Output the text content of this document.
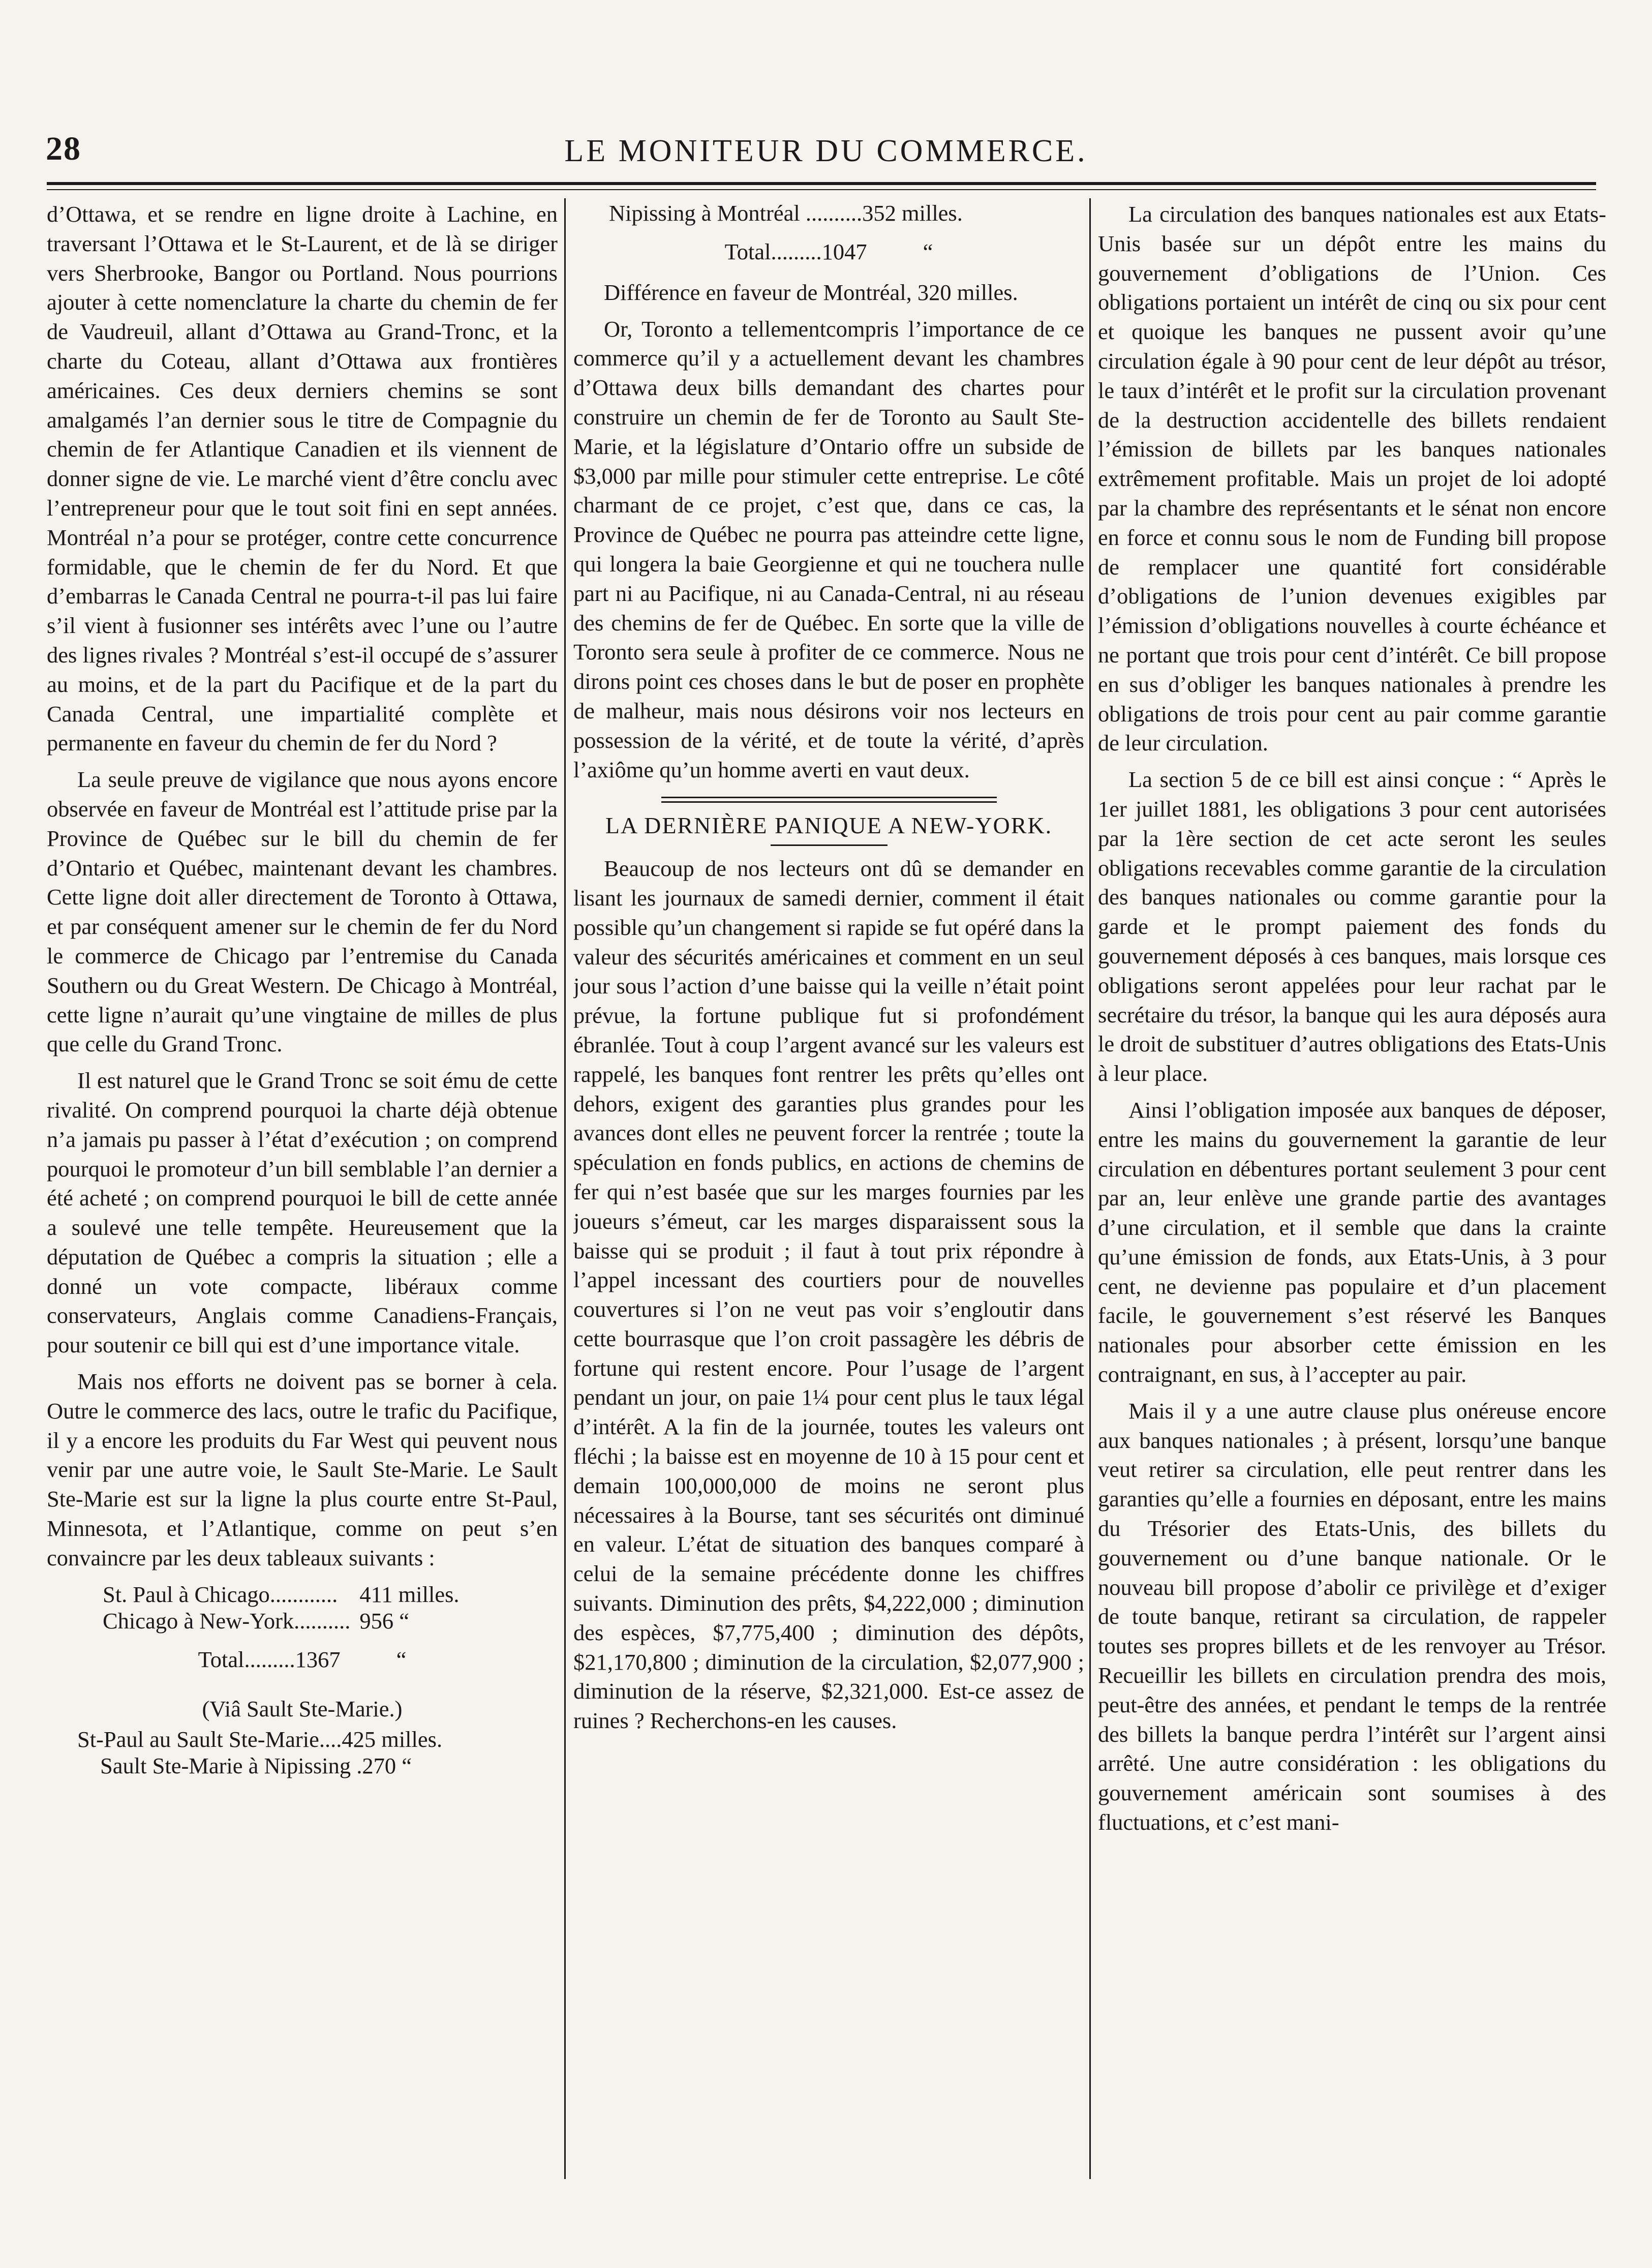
28	LE MONITEUR DU COMMERCE.

d’Ottawa, et se rendre en ligne droite à Lachine, en traversant l’Ottawa et le St-Laurent, et de là se diriger vers Sherbrooke, Bangor ou Portland. Nous pourrions ajouter à cette nomenclature la charte du chemin de fer de Vaudreuil, allant d’Ottawa au Grand-Tronc, et la charte du Coteau, allant d’Ottawa aux frontières américaines. Ces deux derniers chemins se sont amalgamés l’an dernier sous le titre de Compagnie du chemin de fer Atlantique Canadien et ils viennent de donner signe de vie. Le marché vient d’être conclu avec l’entrepreneur pour que le tout soit fini en sept années. Montréal n’a pour se protéger, contre cette concurrence formidable, que le chemin de fer du Nord. Et que d’embarras le Canada Central ne pourra-t-il pas lui faire s’il vient à fusionner ses intérêts avec l’une ou l’autre des lignes rivales ? Montréal s’est-il occupé de s’assurer au moins, et de la part du Pacifique et de la part du Canada Central, une impartialité complète et permanente en faveur du chemin de fer du Nord ?

La seule preuve de vigilance que nous ayons encore observée en faveur de Montréal est l’attitude prise par la Province de Québec sur le bill du chemin de fer d’Ontario et Québec, maintenant devant les chambres. Cette ligne doit aller directement de Toronto à Ottawa, et par conséquent amener sur le chemin de fer du Nord le commerce de Chicago par l’entremise du Canada Southern ou du Great Western. De Chicago à Montréal, cette ligne n’aurait qu’une vingtaine de milles de plus que celle du Grand Tronc.

Il est naturel que le Grand Tronc se soit ému de cette rivalité. On comprend pourquoi la charte déjà obtenue n’a jamais pu passer à l’état d’exécution ; on comprend pourquoi le promoteur d’un bill semblable l’an dernier a été acheté ; on comprend pourquoi le bill de cette année a soulevé une telle tempête. Heureusement que la députation de Québec a compris la situation ; elle a donné un vote compacte, libéraux comme conservateurs, Anglais comme Canadiens-Français, pour soutenir ce bill qui est d’une importance vitale.

Mais nos efforts ne doivent pas se borner à cela. Outre le commerce des lacs, outre le trafic du Pacifique, il y a encore les produits du Far West qui peuvent nous venir par une autre voie, le Sault Ste-Marie. Le Sault Ste-Marie est sur la ligne la plus courte entre St-Paul, Minnesota, et l’Atlantique, comme on peut s’en convaincre par les deux tableaux suivants :

St. Paul à Chicago............	411 milles.
Chicago à New-York..........	956 “
Total.........1367 “
(Viâ Sault Ste-Marie.)
St-Paul au Sault Ste-Marie....425 milles.
Sault Ste-Marie à Nipissing .270 “
Nipissing à Montréal ..........352 milles.
Total.........1047 “

Différence en faveur de Montréal, 320 milles.

Or, Toronto a tellementcompris l’importance de ce commerce qu’il y a actuellement devant les chambres d’Ottawa deux bills demandant des chartes pour construire un chemin de fer de Toronto au Sault Ste-Marie, et la législature d’Ontario offre un subside de $3,000 par mille pour stimuler cette entreprise. Le côté charmant de ce projet, c’est que, dans ce cas, la Province de Québec ne pourra pas atteindre cette ligne, qui longera la baie Georgienne et qui ne touchera nulle part ni au Pacifique, ni au Canada-Central, ni au réseau des chemins de fer de Québec. En sorte que la ville de Toronto sera seule à profiter de ce commerce. Nous ne dirons point ces choses dans le but de poser en prophète de malheur, mais nous désirons voir nos lecteurs en possession de la vérité, et de toute la vérité, d’après l’axiôme qu’un homme averti en vaut deux.

LA DERNIÈRE PANIQUE A NEW-YORK.

Beaucoup de nos lecteurs ont dû se demander en lisant les journaux de samedi dernier, comment il était possible qu’un changement si rapide se fut opéré dans la valeur des sécurités américaines et comment en un seul jour sous l’action d’une baisse qui la veille n’était point prévue, la fortune publique fut si profondément ébranlée. Tout à coup l’argent avancé sur les valeurs est rappelé, les banques font rentrer les prêts qu’elles ont dehors, exigent des garanties plus grandes pour les avances dont elles ne peuvent forcer la rentrée ; toute la spéculation en fonds publics, en actions de chemins de fer qui n’est basée que sur les marges fournies par les joueurs s’émeut, car les marges disparaissent sous la baisse qui se produit ; il faut à tout prix répondre à l’appel incessant des courtiers pour de nouvelles couvertures si l’on ne veut pas voir s’engloutir dans cette bourrasque que l’on croit passagère les débris de fortune qui restent encore. Pour l’usage de l’argent pendant un jour, on paie 1¼ pour cent plus le taux légal d’intérêt. A la fin de la journée, toutes les valeurs ont fléchi ; la baisse est en moyenne de 10 à 15 pour cent et demain 100,000,000 de moins ne seront plus nécessaires à la Bourse, tant ses sécurités ont diminué en valeur. L’état de situation des banques comparé à celui de la semaine précédente donne les chiffres suivants. Diminution des prêts, $4,222,000 ; diminution des espèces, $7,775,400 ; diminution des dépôts, $21,170,800 ; diminution de la circulation, $2,077,900 ; diminution de la réserve, $2,321,000. Est-ce assez de ruines ? Recherchons-en les causes.

La circulation des banques nationales est aux Etats-Unis basée sur un dépôt entre les mains du gouvernement d’obligations de l’Union. Ces obligations portaient un intérêt de cinq ou six pour cent et quoique les banques ne pussent avoir qu’une circulation égale à 90 pour cent de leur dépôt au trésor, le taux d’intérêt et le profit sur la circulation provenant de la destruction accidentelle des billets rendaient l’émission de billets par les banques nationales extrêmement profitable. Mais un projet de loi adopté par la chambre des représentants et le sénat non encore en force et connu sous le nom de Funding bill propose de remplacer une quantité fort considérable d’obligations de l’union devenues exigibles par l’émission d’obligations nouvelles à courte échéance et ne portant que trois pour cent d’intérêt. Ce bill propose en sus d’obliger les banques nationales à prendre les obligations de trois pour cent au pair comme garantie de leur circulation.

La section 5 de ce bill est ainsi conçue : “ Après le 1er juillet 1881, les obligations 3 pour cent autorisées par la 1ère section de cet acte seront les seules obligations recevables comme garantie de la circulation des banques nationales ou comme garantie pour la garde et le prompt paiement des fonds du gouvernement déposés à ces banques, mais lorsque ces obligations seront appelées pour leur rachat par le secrétaire du trésor, la banque qui les aura déposés aura le droit de substituer d’autres obligations des Etats-Unis à leur place.

Ainsi l’obligation imposée aux banques de déposer, entre les mains du gouvernement la garantie de leur circulation en débentures portant seulement 3 pour cent par an, leur enlève une grande partie des avantages d’une circulation, et il semble que dans la crainte qu’une émission de fonds, aux Etats-Unis, à 3 pour cent, ne devienne pas populaire et d’un placement facile, le gouvernement s’est réservé les Banques nationales pour absorber cette émission en les contraignant, en sus, à l’accepter au pair.

Mais il y a une autre clause plus onéreuse encore aux banques nationales ; à présent, lorsqu’une banque veut retirer sa circulation, elle peut rentrer dans les garanties qu’elle a fournies en déposant, entre les mains du Trésorier des Etats-Unis, des billets du gouvernement ou d’une banque nationale. Or le nouveau bill propose d’abolir ce privilège et d’exiger de toute banque, retirant sa circulation, de rappeler toutes ses propres billets et de les renvoyer au Trésor. Recueillir les billets en circulation prendra des mois, peut-être des années, et pendant le temps de la rentrée des billets la banque perdra l’intérêt sur l’argent ainsi arrêté. Une autre considération : les obligations du gouvernement américain sont soumises à des fluctuations, et c’est mani-
